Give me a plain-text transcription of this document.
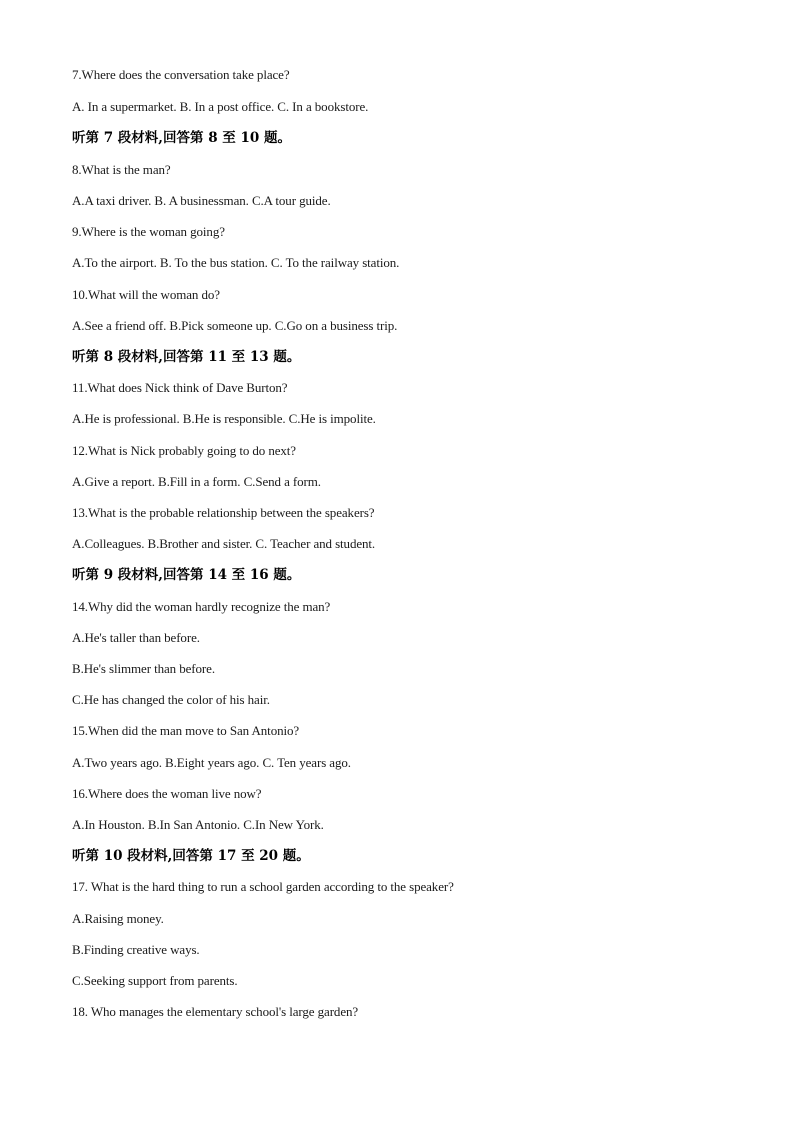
7.Where does the conversation take place?
A. In a supermarket. B. In a post office. C. In a bookstore.
听第 7 段材料,回答第 8 至 10 题。
8.What is the man?
A.A taxi driver. B. A businessman. C.A tour guide.
9.Where is the woman going?
A.To the airport. B. To the bus station. C. To the railway station.
10.What will the woman do?
A.See a friend off. B.Pick someone up. C.Go on a business trip.
听第 8 段材料,回答第 11 至 13 题。
11.What does Nick think of Dave Burton?
A.He is professional. B.He is responsible. C.He is impolite.
12.What is Nick probably going to do next?
A.Give a report. B.Fill in a form. C.Send a form.
13.What is the probable relationship between the speakers?
A.Colleagues. B.Brother and sister. C. Teacher and student.
听第 9 段材料,回答第 14 至 16 题。
14.Why did the woman hardly recognize the man?
A.He's taller than before.
B.He's slimmer than before.
C.He has changed the color of his hair.
15.When did the man move to San Antonio?
A.Two years ago. B.Eight years ago. C. Ten years ago.
16.Where does the woman live now?
A.In Houston. B.In San Antonio. C.In New York.
听第 10 段材料,回答第 17 至 20 题。
17. What is the hard thing to run a school garden according to the speaker?
A.Raising money.
B.Finding creative ways.
C.Seeking support from parents.
18. Who manages the elementary school's large garden?
